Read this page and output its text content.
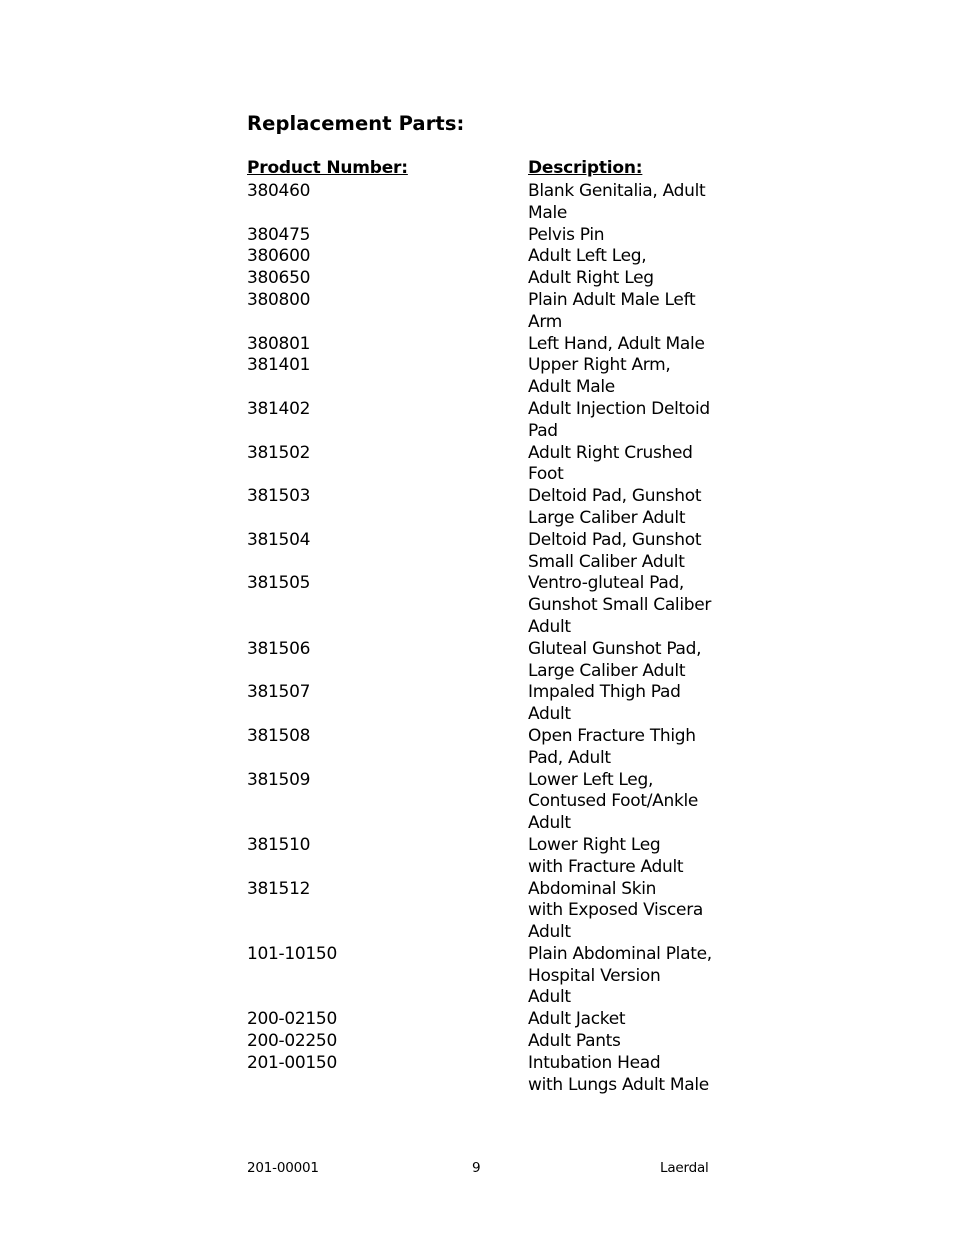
Replacement Parts:
Product Number:	Description:
380460	Blank Genitalia, Adult
Male
380475	Pelvis Pin
380600	Adult Left Leg,
380650	Adult Right Leg
380800	Plain Adult Male Left
Arm
380801	Left Hand, Adult Male
381401	Upper Right Arm,
Adult Male
381402	Adult Injection Deltoid
Pad
381502	Adult Right Crushed
Foot
381503	Deltoid Pad, Gunshot
Large Caliber Adult
381504	Deltoid Pad, Gunshot
Small Caliber Adult
381505	Ventro-gluteal Pad,
Gunshot Small Caliber
Adult
381506	Gluteal Gunshot Pad,
Large Caliber Adult
381507	Impaled Thigh Pad
Adult
381508	Open Fracture Thigh
Pad, Adult
381509	Lower Left Leg,
Contused Foot/Ankle
Adult
381510	Lower Right Leg
with Fracture Adult
381512	Abdominal Skin
with Exposed Viscera
Adult
101-10150	Plain Abdominal Plate,
Hospital Version
Adult
200-02150	Adult Jacket
200-02250	Adult Pants
201-00150	Intubation Head
with Lungs Adult Male
201-00001	9	Laerdal
